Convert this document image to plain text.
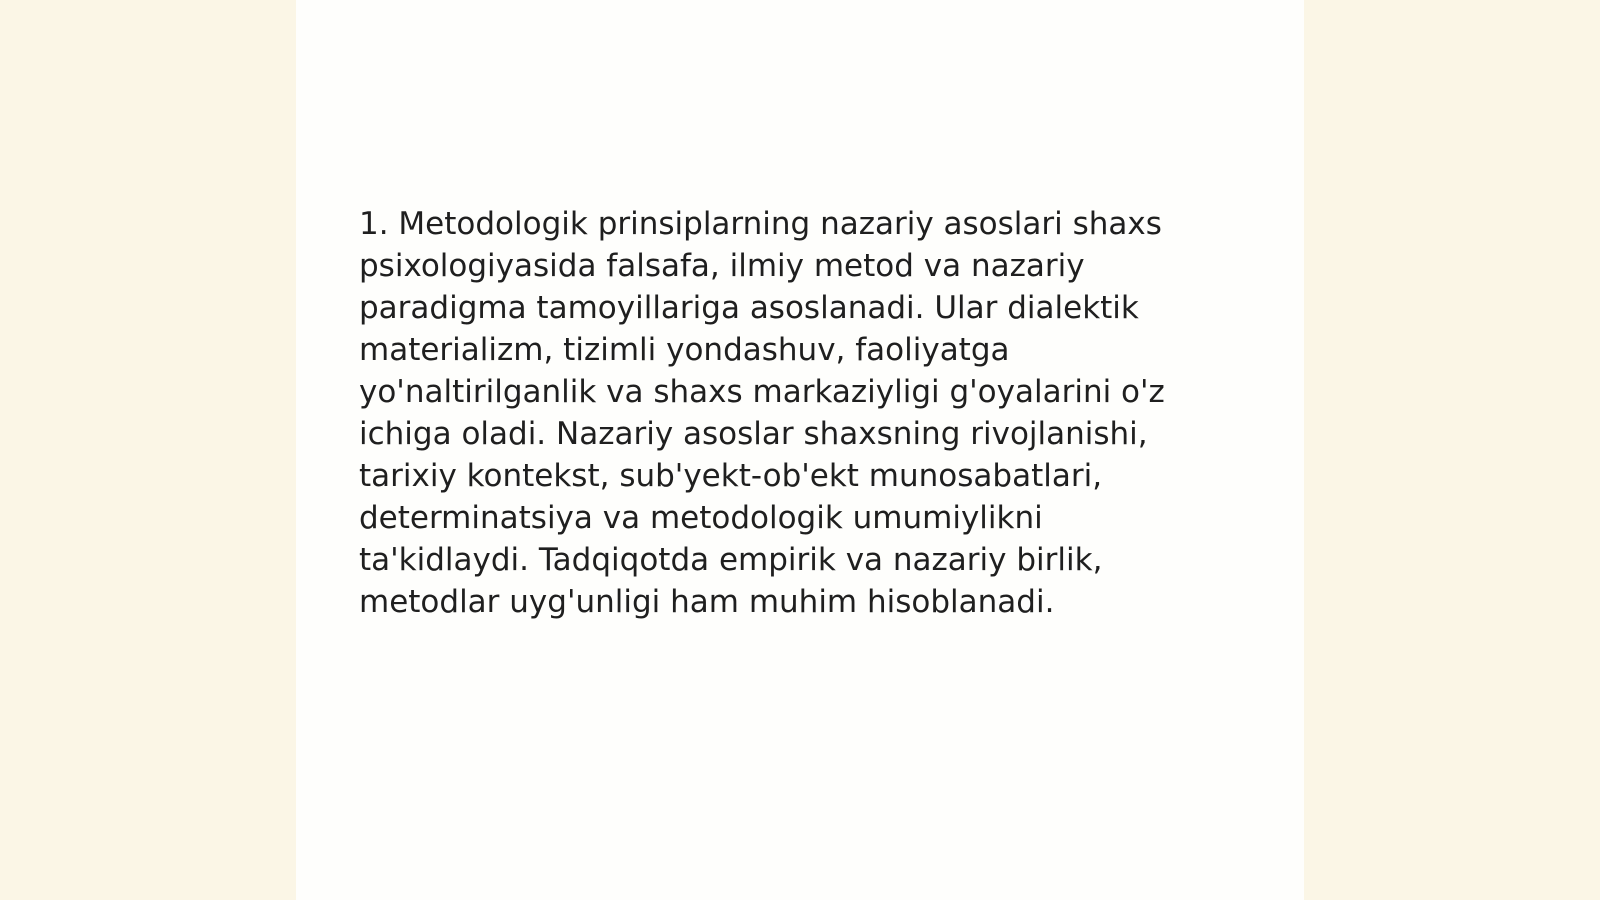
1. Metodologik prinsiplarning nazariy asoslari shaxs
psixologiyasida falsafa, ilmiy metod va nazariy
paradigma tamoyillariga asoslanadi. Ular dialektik
materializm, tizimli yondashuv, faoliyatga
yo'naltirilganlik va shaxs markaziyligi g'oyalarini o'z
ichiga oladi. Nazariy asoslar shaxsning rivojlanishi,
tarixiy kontekst, sub'yekt-ob'ekt munosabatlari,
determinatsiya va metodologik umumiylikni
ta'kidlaydi. Tadqiqotda empirik va nazariy birlik,
metodlar uyg'unligi ham muhim hisoblanadi.
